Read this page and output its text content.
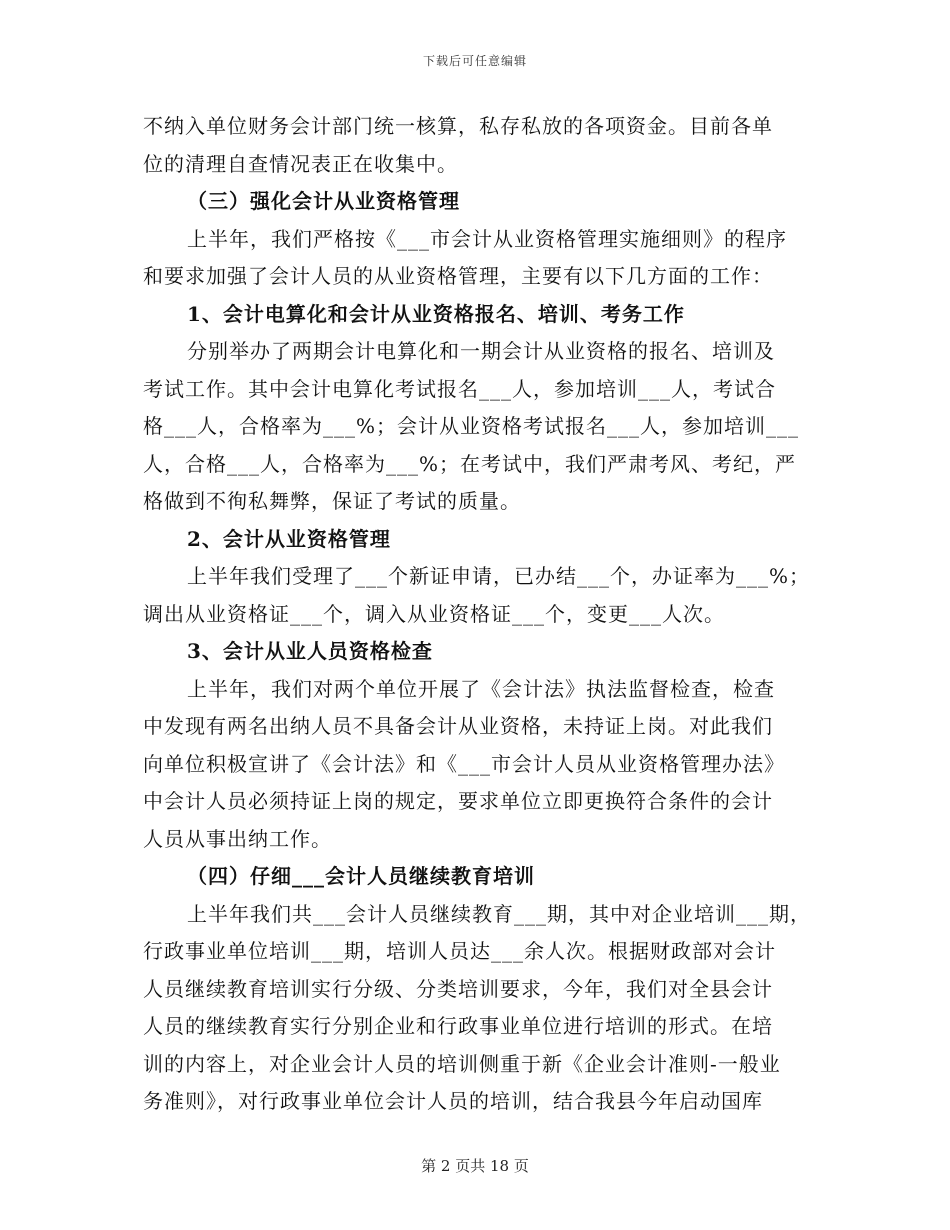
下载后可任意编辑
不纳入单位财务会计部门统一核算，私存私放的各项资金。目前各单
位的清理自查情况表正在收集中。
（三）强化会计从业资格管理
上半年，我们严格按《___市会计从业资格管理实施细则》的程序
和要求加强了会计人员的从业资格管理，主要有以下几方面的工作：
1、会计电算化和会计从业资格报名、培训、考务工作
分别举办了两期会计电算化和一期会计从业资格的报名、培训及
考试工作。其中会计电算化考试报名___人，参加培训___人，考试合
格___人，合格率为___%；会计从业资格考试报名___人，参加培训___
人，合格___人，合格率为___%；在考试中，我们严肃考风、考纪，严
格做到不徇私舞弊，保证了考试的质量。
2、会计从业资格管理
上半年我们受理了___个新证申请，已办结___个，办证率为___%；
调出从业资格证___个，调入从业资格证___个，变更___人次。
3、会计从业人员资格检查
上半年，我们对两个单位开展了《会计法》执法监督检查，检查
中发现有两名出纳人员不具备会计从业资格，未持证上岗。对此我们
向单位积极宣讲了《会计法》和《___市会计人员从业资格管理办法》
中会计人员必须持证上岗的规定，要求单位立即更换符合条件的会计
人员从事出纳工作。
（四）仔细___会计人员继续教育培训
上半年我们共___会计人员继续教育___期，其中对企业培训___期，
行政事业单位培训___期，培训人员达___余人次。根据财政部对会计
人员继续教育培训实行分级、分类培训要求，今年，我们对全县会计
人员的继续教育实行分别企业和行政事业单位进行培训的形式。在培
训的内容上，对企业会计人员的培训侧重于新《企业会计准则-一般业
务准则》，对行政事业单位会计人员的培训，结合我县今年启动国库
第 2 页共 18 页
